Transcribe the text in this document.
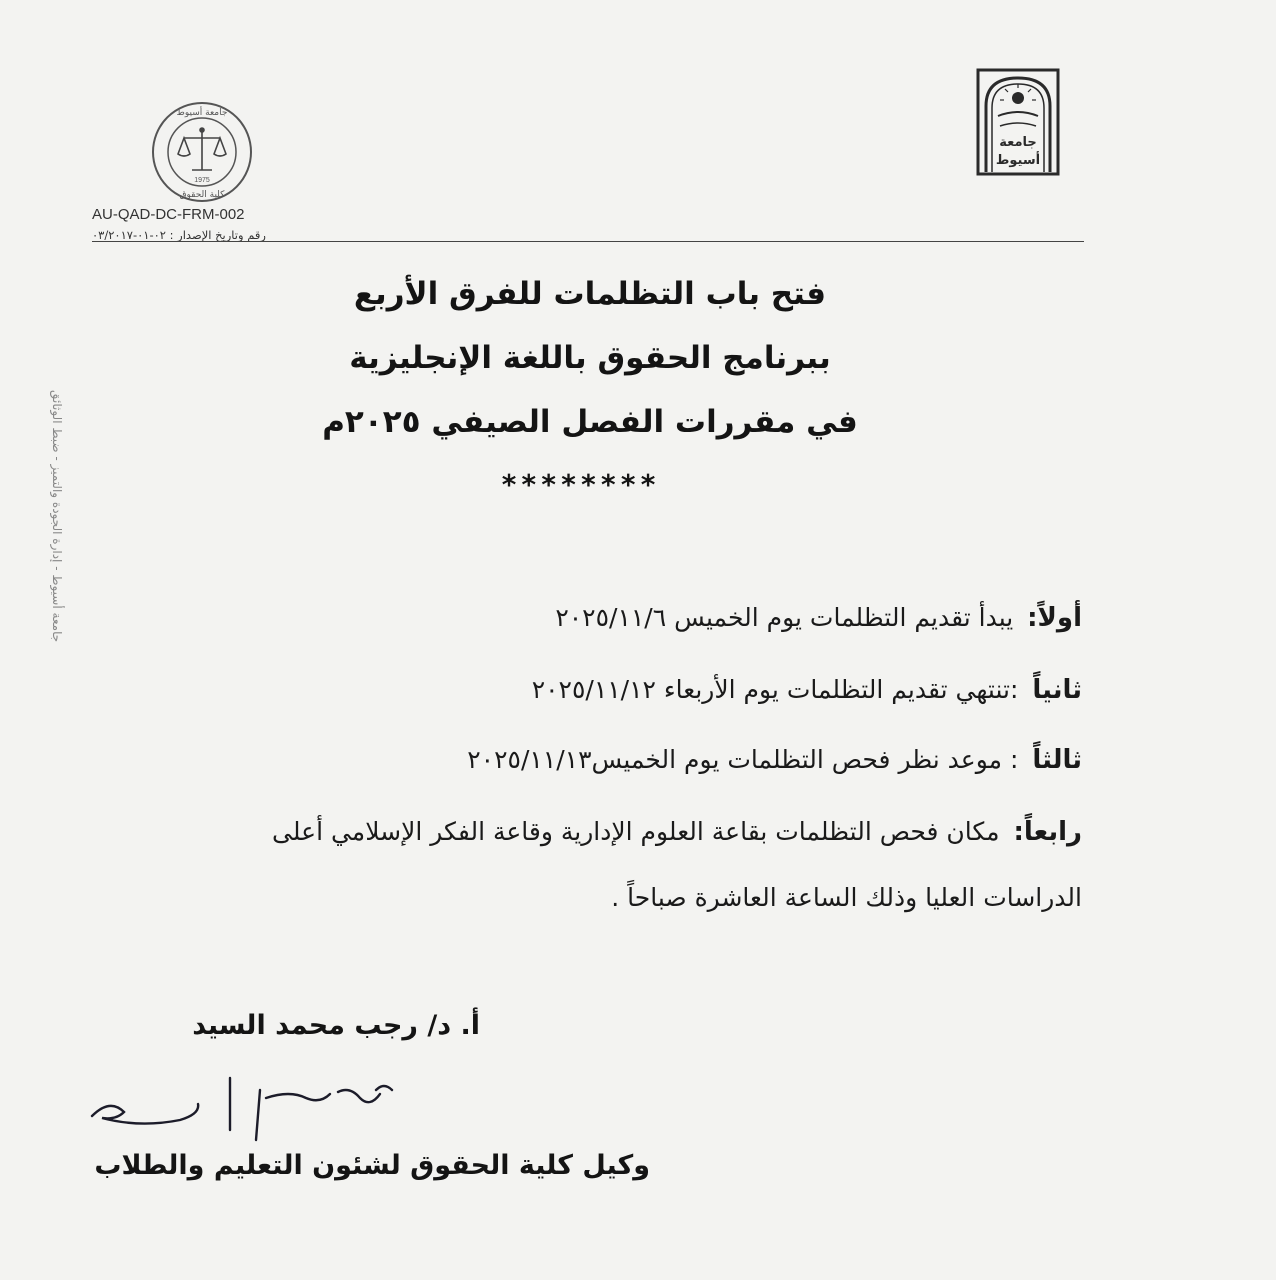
جامعة
أسيوط
جامعة أسيوط
كلية الحقوق
1975
AU-QAD-DC-FRM-002
رقم وتاريخ الإصدار : ٠٢-٠١-٠٣/٢٠١٧
جامعة أسيوط - إدارة الجودة والتميز - ضبط الوثائق
فتح باب التظلمات للفرق الأربع
ببرنامج الحقوق باللغة الإنجليزية
في مقررات الفصل الصيفي ٢٠٢٥م
********
أولاً: يبدأ تقديم التظلمات يوم الخميس ٢٠٢٥/١١/٦
ثانياً :تنتهي تقديم التظلمات يوم الأربعاء ٢٠٢٥/١١/١٢
ثالثاً : موعد نظر فحص التظلمات يوم الخميس٢٠٢٥/١١/١٣
رابعاً: مكان فحص التظلمات بقاعة العلوم الإدارية وقاعة الفكر الإسلامي أعلى
الدراسات العليا وذلك الساعة العاشرة صباحاً .
أ. د/ رجب محمد السيد
وكيل كلية الحقوق لشئون التعليم والطلاب
